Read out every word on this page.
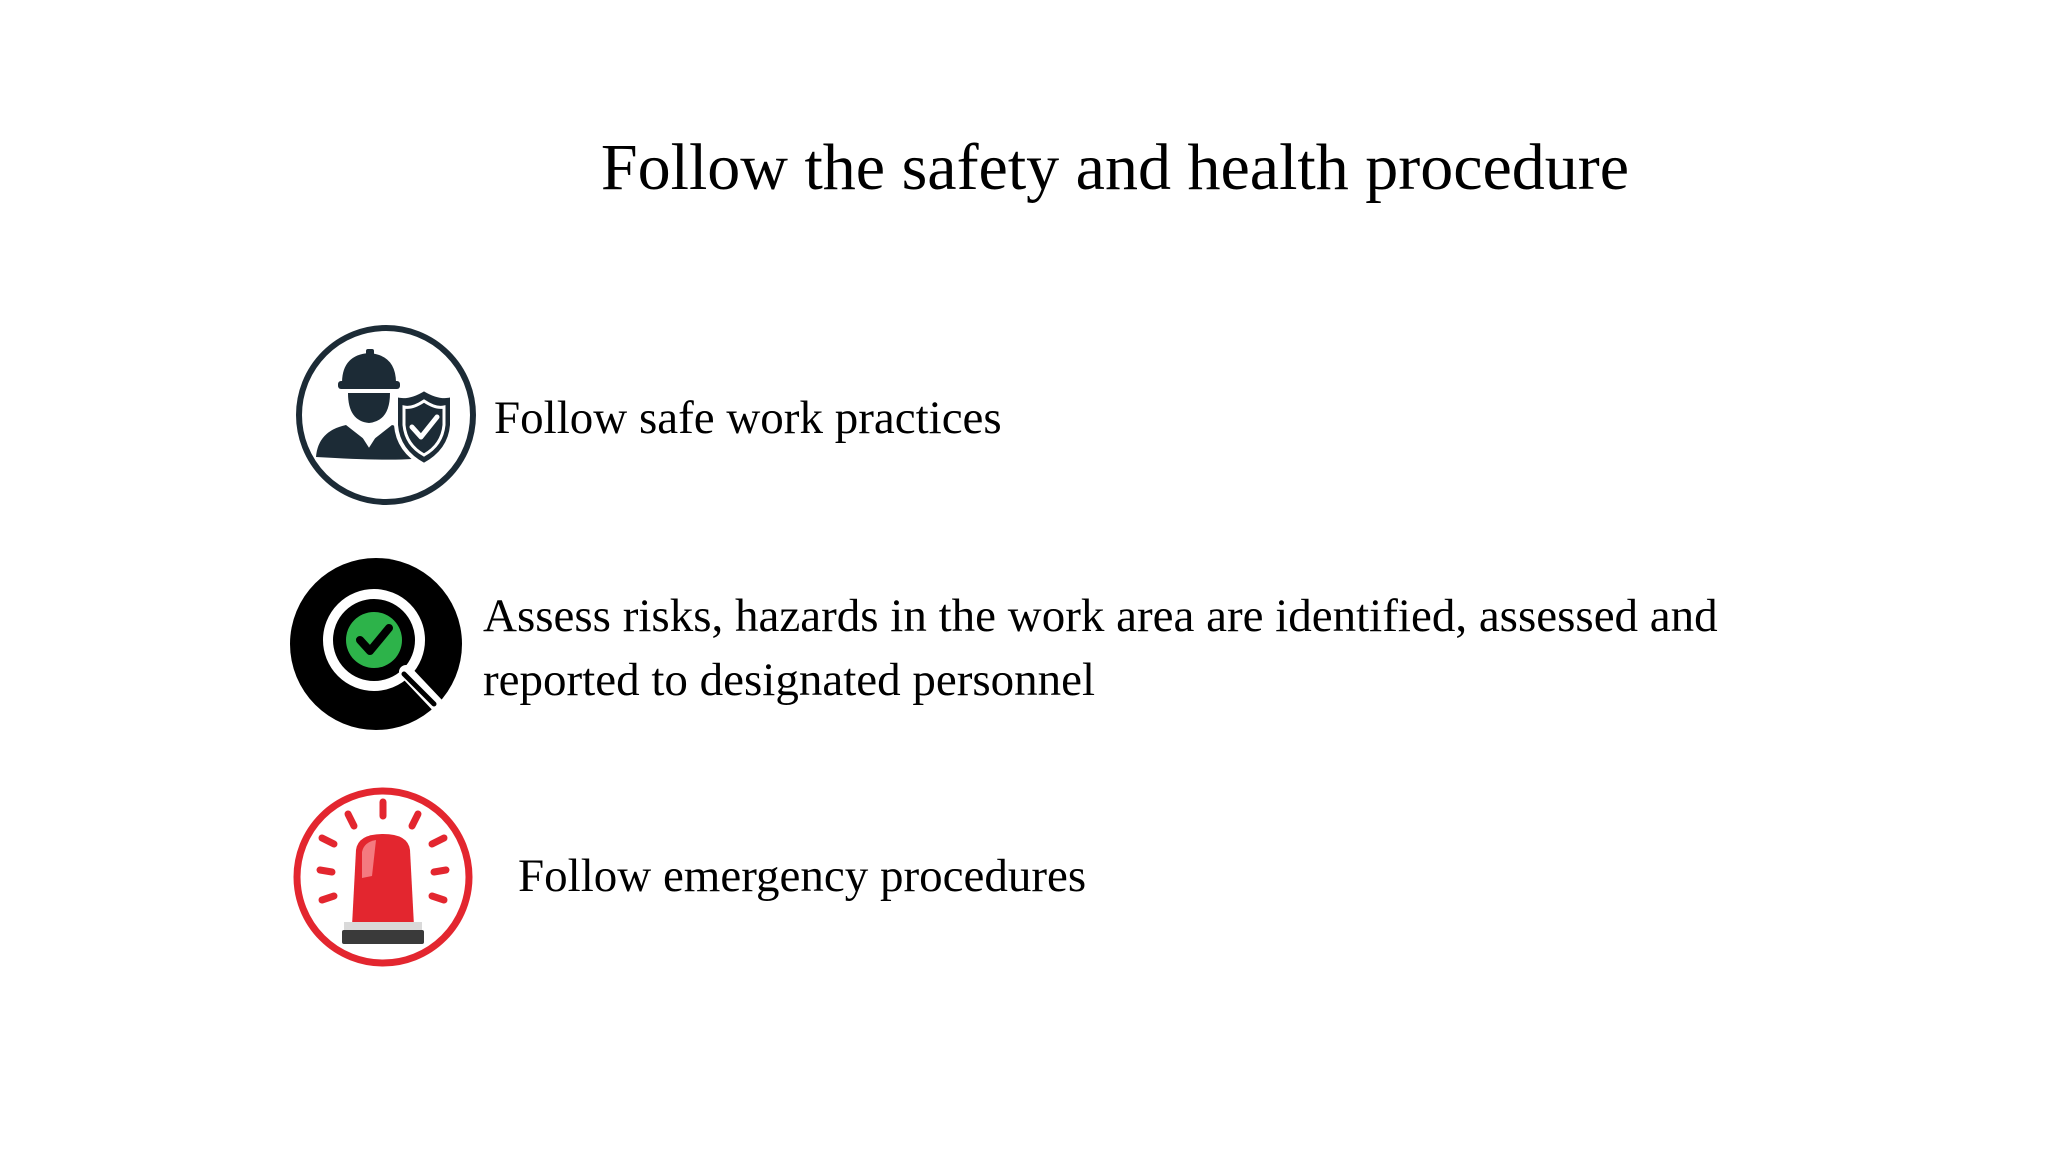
Follow the safety and health procedure

Follow safe work practices

Assess risks, hazards in the work area are identified, assessed and reported to designated personnel

Follow emergency procedures
